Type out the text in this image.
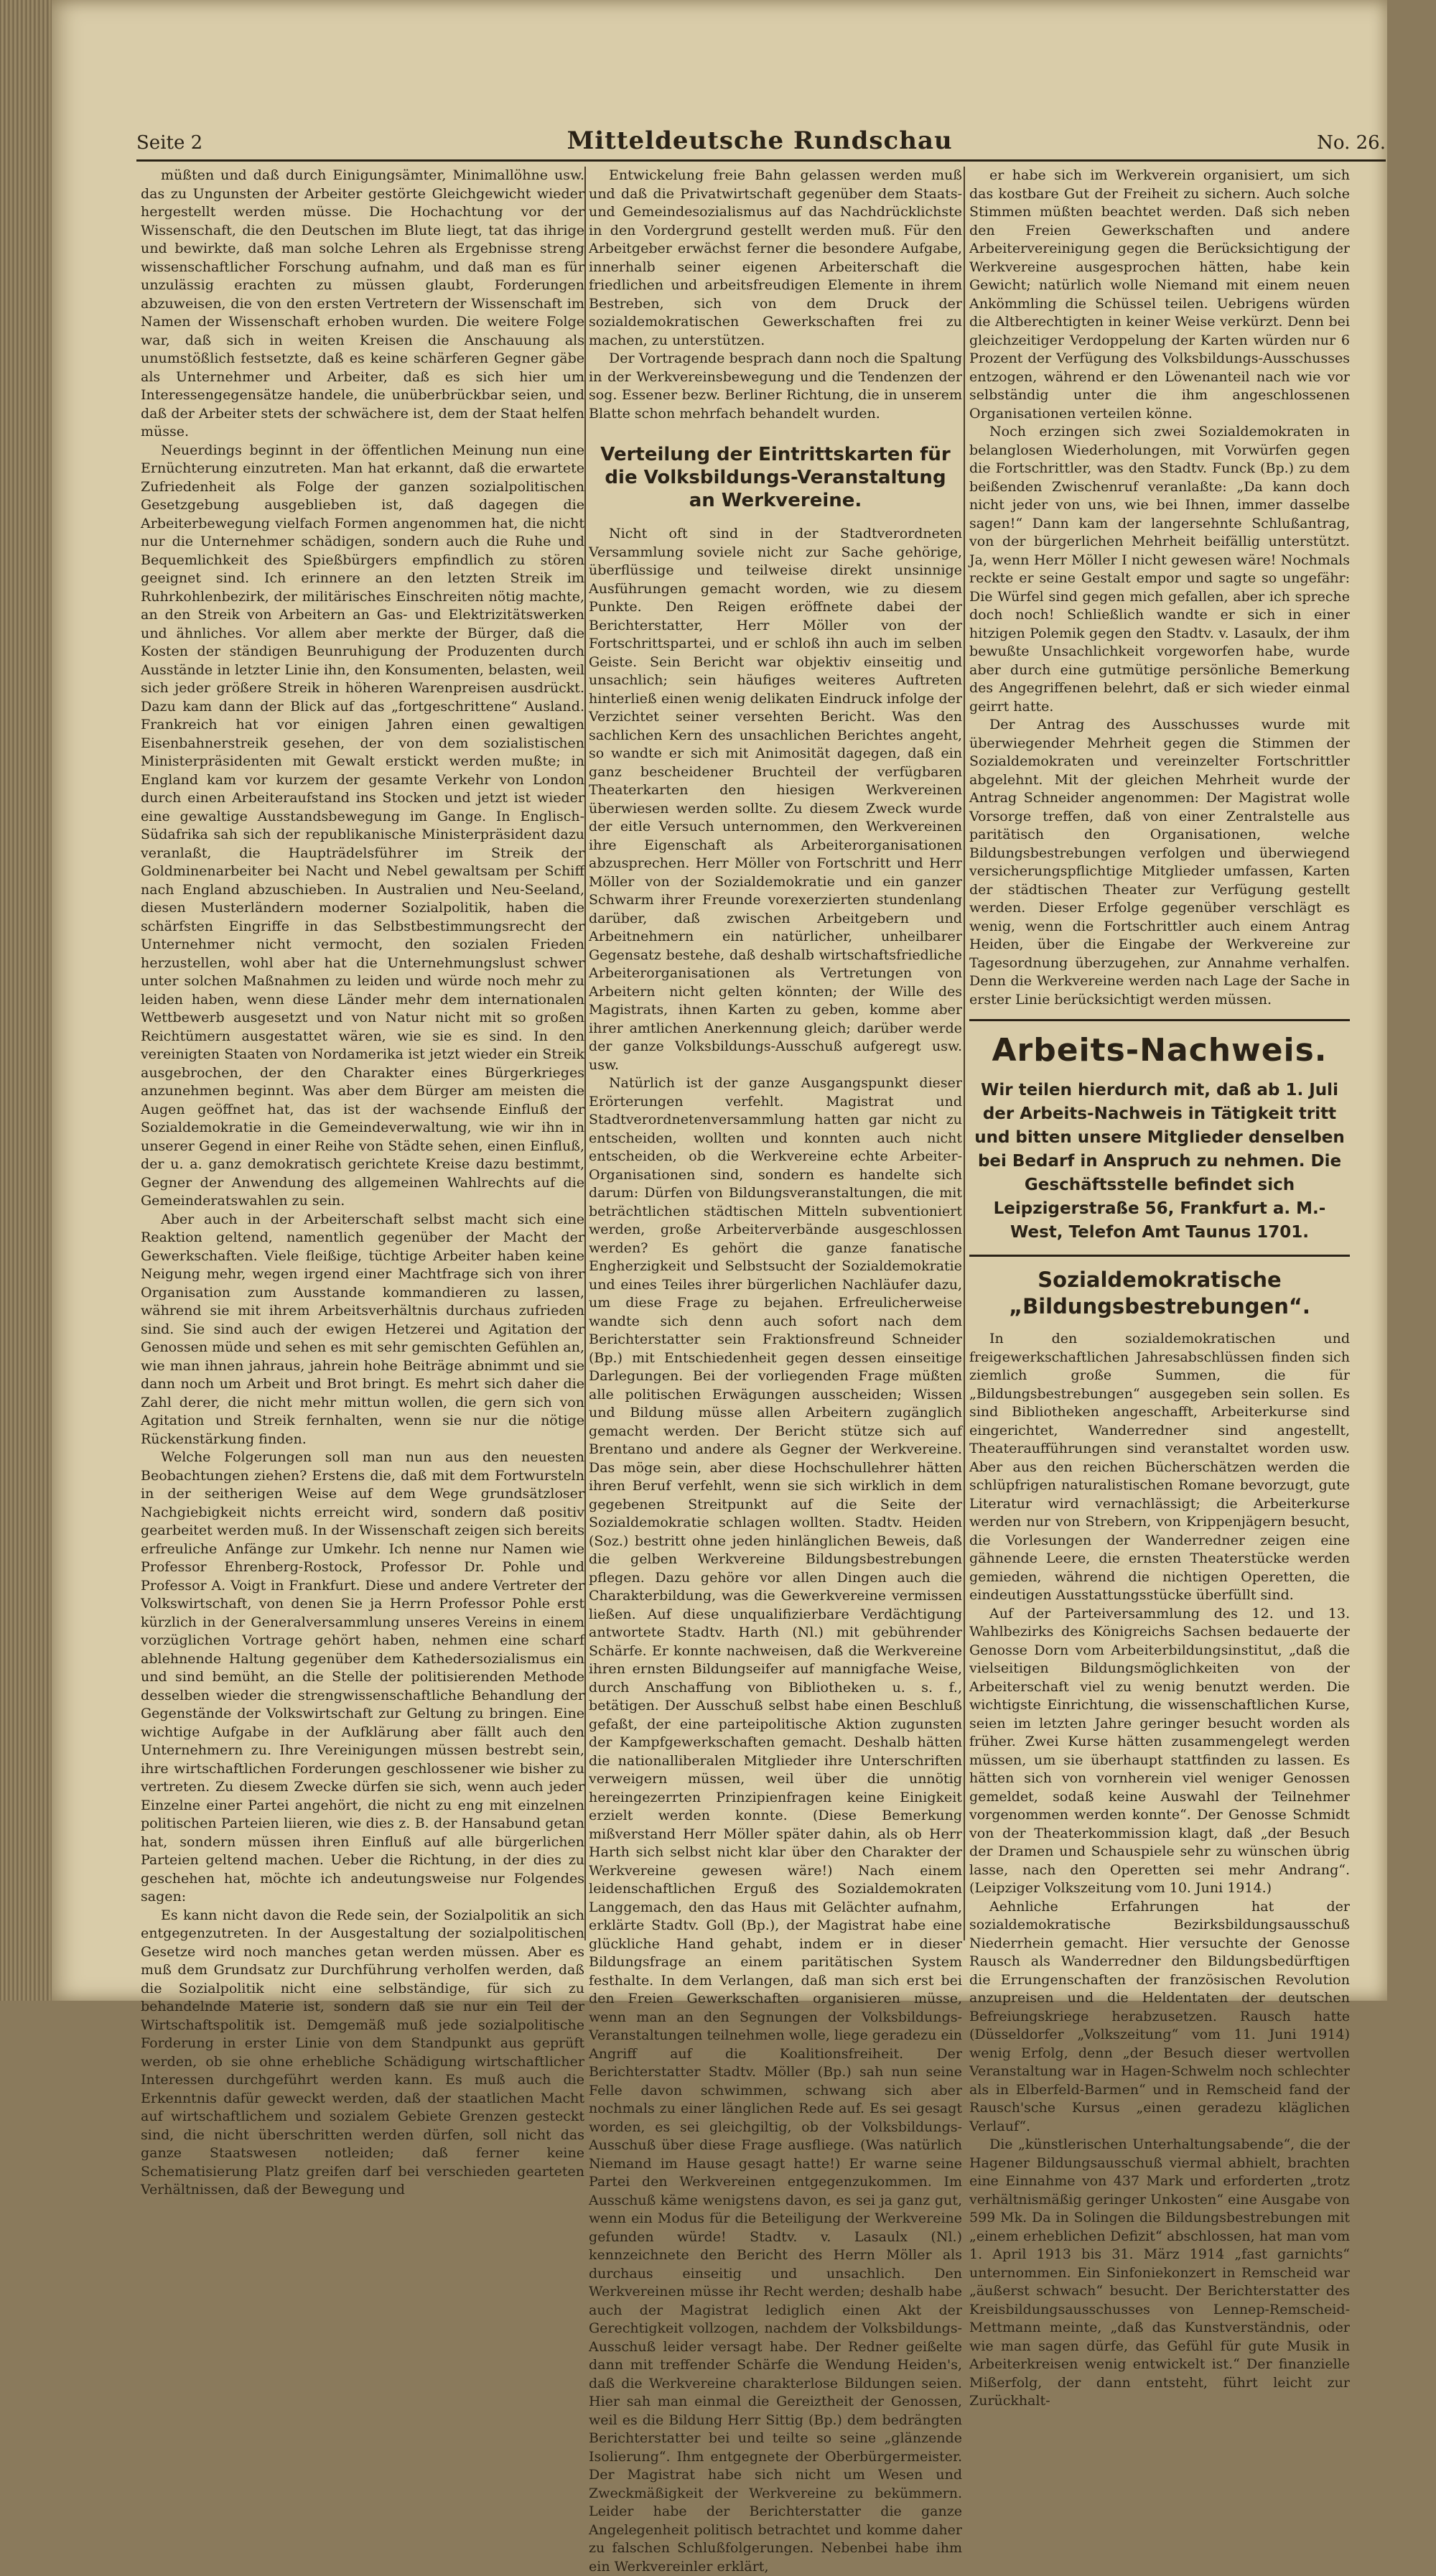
Seite 2	Mitteldeutsche Rundschau	No. 26.

müßten und daß durch Einigungsämter, Minimallöhne usw. das zu Ungunsten der Arbeiter gestörte Gleichgewicht wieder hergestellt werden müsse. Die Hochachtung vor der Wissenschaft, die den Deutschen im Blute liegt, tat das ihrige und bewirkte, daß man solche Lehren als Ergebnisse streng wissenschaftlicher Forschung aufnahm, und daß man es für unzulässig erachten zu müssen glaubt, Forderungen abzuweisen, die von den ersten Vertretern der Wissenschaft im Namen der Wissenschaft erhoben wurden. Die weitere Folge war, daß sich in weiten Kreisen die Anschauung als unumstößlich festsetzte, daß es keine schärferen Gegner gäbe als Unternehmer und Arbeiter, daß es sich hier um Interessengegensätze handele, die unüberbrückbar seien, und daß der Arbeiter stets der schwächere ist, dem der Staat helfen müsse.

Neuerdings beginnt in der öffentlichen Meinung nun eine Ernüchterung einzutreten. Man hat erkannt, daß die erwartete Zufriedenheit als Folge der ganzen sozialpolitischen Gesetzgebung ausgeblieben ist, daß dagegen die Arbeiterbewegung vielfach Formen angenommen hat, die nicht nur die Unternehmer schädigen, sondern auch die Ruhe und Bequemlichkeit des Spießbürgers empfindlich zu stören geeignet sind. Ich erinnere an den letzten Streik im Ruhrkohlenbezirk, der militärisches Einschreiten nötig machte, an den Streik von Arbeitern an Gas- und Elektrizitätswerken und ähnliches. Vor allem aber merkte der Bürger, daß die Kosten der ständigen Beunruhigung der Produzenten durch Ausstände in letzter Linie ihn, den Konsumenten, belasten, weil sich jeder größere Streik in höheren Warenpreisen ausdrückt. Dazu kam dann der Blick auf das „fortgeschrittene“ Ausland. Frankreich hat vor einigen Jahren einen gewaltigen Eisenbahnerstreik gesehen, der von dem sozialistischen Ministerpräsidenten mit Gewalt erstickt werden mußte; in England kam vor kurzem der gesamte Verkehr von London durch einen Arbeiteraufstand ins Stocken und jetzt ist wieder eine gewaltige Ausstandsbewegung im Gange. In Englisch-Südafrika sah sich der republikanische Ministerpräsident dazu veranlaßt, die Haupträdelsführer im Streik der Goldminenarbeiter bei Nacht und Nebel gewaltsam per Schiff nach England abzuschieben. In Australien und Neu-Seeland, diesen Musterländern moderner Sozialpolitik, haben die schärfsten Eingriffe in das Selbstbestimmungsrecht der Unternehmer nicht vermocht, den sozialen Frieden herzustellen, wohl aber hat die Unternehmungslust schwer unter solchen Maßnahmen zu leiden und würde noch mehr zu leiden haben, wenn diese Länder mehr dem internationalen Wettbewerb ausgesetzt und von Natur nicht mit so großen Reichtümern ausgestattet wären, wie sie es sind. In den vereinigten Staaten von Nordamerika ist jetzt wieder ein Streik ausgebrochen, der den Charakter eines Bürgerkrieges anzunehmen beginnt. Was aber dem Bürger am meisten die Augen geöffnet hat, das ist der wachsende Einfluß der Sozialdemokratie in die Gemeindeverwaltung, wie wir ihn in unserer Gegend in einer Reihe von Städte sehen, einen Einfluß, der u. a. ganz demokratisch gerichtete Kreise dazu bestimmt, Gegner der Anwendung des allgemeinen Wahlrechts auf die Gemeinderatswahlen zu sein.

Aber auch in der Arbeiterschaft selbst macht sich eine Reaktion geltend, namentlich gegenüber der Macht der Gewerkschaften. Viele fleißige, tüchtige Arbeiter haben keine Neigung mehr, wegen irgend einer Machtfrage sich von ihrer Organisation zum Ausstande kommandieren zu lassen, während sie mit ihrem Arbeitsverhältnis durchaus zufrieden sind. Sie sind auch der ewigen Hetzerei und Agitation der Genossen müde und sehen es mit sehr gemischten Gefühlen an, wie man ihnen jahraus, jahrein hohe Beiträge abnimmt und sie dann noch um Arbeit und Brot bringt. Es mehrt sich daher die Zahl derer, die nicht mehr mittun wollen, die gern sich von Agitation und Streik fernhalten, wenn sie nur die nötige Rückenstärkung finden.

Welche Folgerungen soll man nun aus den neuesten Beobachtungen ziehen? Erstens die, daß mit dem Fortwursteln in der seitherigen Weise auf dem Wege grundsätzloser Nachgiebigkeit nichts erreicht wird, sondern daß positiv gearbeitet werden muß. In der Wissenschaft zeigen sich bereits erfreuliche Anfänge zur Umkehr. Ich nenne nur Namen wie Professor Ehrenberg-Rostock, Professor Dr. Pohle und Professor A. Voigt in Frankfurt. Diese und andere Vertreter der Volkswirtschaft, von denen Sie ja Herrn Professor Pohle erst kürzlich in der Generalversammlung unseres Vereins in einem vorzüglichen Vortrage gehört haben, nehmen eine scharf ablehnende Haltung gegenüber dem Kathedersozialismus ein und sind bemüht, an die Stelle der politisierenden Methode desselben wieder die strengwissenschaftliche Behandlung der Gegenstände der Volkswirtschaft zur Geltung zu bringen. Eine wichtige Aufgabe in der Aufklärung aber fällt auch den Unternehmern zu. Ihre Vereinigungen müssen bestrebt sein, ihre wirtschaftlichen Forderungen geschlossener wie bisher zu vertreten. Zu diesem Zwecke dürfen sie sich, wenn auch jeder Einzelne einer Partei angehört, die nicht zu eng mit einzelnen politischen Parteien liieren, wie dies z. B. der Hansabund getan hat, sondern müssen ihren Einfluß auf alle bürgerlichen Parteien geltend machen. Ueber die Richtung, in der dies zu geschehen hat, möchte ich andeutungsweise nur Folgendes sagen:

Es kann nicht davon die Rede sein, der Sozialpolitik an sich entgegenzutreten. In der Ausgestaltung der sozialpolitischen Gesetze wird noch manches getan werden müssen. Aber es muß dem Grundsatz zur Durchführung verholfen werden, daß die Sozialpolitik nicht eine selbständige, für sich zu behandelnde Materie ist, sondern daß sie nur ein Teil der Wirtschaftspolitik ist. Demgemäß muß jede sozialpolitische Forderung in erster Linie von dem Standpunkt aus geprüft werden, ob sie ohne erhebliche Schädigung wirtschaftlicher Interessen durchgeführt werden kann. Es muß auch die Erkenntnis dafür geweckt werden, daß der staatlichen Macht auf wirtschaftlichem und sozialem Gebiete Grenzen gesteckt sind, die nicht überschritten werden dürfen, soll nicht das ganze Staatswesen notleiden; daß ferner keine Schematisierung Platz greifen darf bei verschieden gearteten Verhältnissen, daß der Bewegung und

Entwickelung freie Bahn gelassen werden muß und daß die Privatwirtschaft gegenüber dem Staats- und Gemeindesozialismus auf das Nachdrücklichste in den Vordergrund gestellt werden muß. Für den Arbeitgeber erwächst ferner die besondere Aufgabe, innerhalb seiner eigenen Arbeiterschaft die friedlichen und arbeitsfreudigen Elemente in ihrem Bestreben, sich von dem Druck der sozialdemokratischen Gewerkschaften frei zu machen, zu unterstützen.

Der Vortragende besprach dann noch die Spaltung in der Werkvereinsbewegung und die Tendenzen der sog. Essener bezw. Berliner Richtung, die in unserem Blatte schon mehrfach behandelt wurden.

Verteilung der Eintrittskarten für die Volksbildungs-Veranstaltung an Werkvereine.

Nicht oft sind in der Stadtverordneten Versammlung soviele nicht zur Sache gehörige, überflüssige und teilweise direkt unsinnige Ausführungen gemacht worden, wie zu diesem Punkte. Den Reigen eröffnete dabei der Berichterstatter, Herr Möller von der Fortschrittspartei, und er schloß ihn auch im selben Geiste. Sein Bericht war objektiv einseitig und unsachlich; sein häufiges weiteres Auftreten hinterließ einen wenig delikaten Eindruck infolge der Verzichtet seiner versehten Bericht. Was den sachlichen Kern des unsachlichen Berichtes angeht, so wandte er sich mit Animosität dagegen, daß ein ganz bescheidener Bruchteil der verfügbaren Theaterkarten den hiesigen Werkvereinen überwiesen werden sollte. Zu diesem Zweck wurde der eitle Versuch unternommen, den Werkvereinen ihre Eigenschaft als Arbeiterorganisationen abzusprechen. Herr Möller von Fortschritt und Herr Möller von der Sozialdemokratie und ein ganzer Schwarm ihrer Freunde vorexerzierten stundenlang darüber, daß zwischen Arbeitgebern und Arbeitnehmern ein natürlicher, unheilbarer Gegensatz bestehe, daß deshalb wirtschaftsfriedliche Arbeiterorganisationen als Vertretungen von Arbeitern nicht gelten könnten; der Wille des Magistrats, ihnen Karten zu geben, komme aber ihrer amtlichen Anerkennung gleich; darüber werde der ganze Volksbildungs-Ausschuß aufgeregt usw. usw.

Natürlich ist der ganze Ausgangspunkt dieser Erörterungen verfehlt. Magistrat und Stadtverordnetenversammlung hatten gar nicht zu entscheiden, wollten und konnten auch nicht entscheiden, ob die Werkvereine echte Arbeiter-Organisationen sind, sondern es handelte sich darum: Dürfen von Bildungsveranstaltungen, die mit beträchtlichen städtischen Mitteln subventioniert werden, große Arbeiterverbände ausgeschlossen werden? Es gehört die ganze fanatische Engherzigkeit und Selbstsucht der Sozialdemokratie und eines Teiles ihrer bürgerlichen Nachläufer dazu, um diese Frage zu bejahen. Erfreulicherweise wandte sich denn auch sofort nach dem Berichterstatter sein Fraktionsfreund Schneider (Bp.) mit Entschiedenheit gegen dessen einseitige Darlegungen. Bei der vorliegenden Frage müßten alle politischen Erwägungen ausscheiden; Wissen und Bildung müsse allen Arbeitern zugänglich gemacht werden. Der Bericht stütze sich auf Brentano und andere als Gegner der Werkvereine. Das möge sein, aber diese Hochschullehrer hätten ihren Beruf verfehlt, wenn sie sich wirklich in dem gegebenen Streitpunkt auf die Seite der Sozialdemokratie schlagen wollten. Stadtv. Heiden (Soz.) bestritt ohne jeden hinlänglichen Beweis, daß die gelben Werkvereine Bildungsbestrebungen pflegen. Dazu gehöre vor allen Dingen auch die Charakterbildung, was die Gewerkvereine vermissen ließen. Auf diese unqualifizierbare Verdächtigung antwortete Stadtv. Harth (Nl.) mit gebührender Schärfe. Er konnte nachweisen, daß die Werkvereine ihren ernsten Bildungseifer auf mannigfache Weise, durch Anschaffung von Bibliotheken u. s. f., betätigen. Der Ausschuß selbst habe einen Beschluß gefaßt, der eine parteipolitische Aktion zugunsten der Kampfgewerkschaften gemacht. Deshalb hätten die nationalliberalen Mitglieder ihre Unterschriften verweigern müssen, weil über die unnötig hereingezerrten Prinzipienfragen keine Einigkeit erzielt werden konnte. (Diese Bemerkung mißverstand Herr Möller später dahin, als ob Herr Harth sich selbst nicht klar über den Charakter der Werkvereine gewesen wäre!) Nach einem leidenschaftlichen Erguß des Sozialdemokraten Langgemach, den das Haus mit Gelächter aufnahm, erklärte Stadtv. Goll (Bp.), der Magistrat habe eine glückliche Hand gehabt, indem er in dieser Bildungsfrage an einem paritätischen System festhalte. In dem Verlangen, daß man sich erst bei den Freien Gewerkschaften organisieren müsse, wenn man an den Segnungen der Volksbildungs-Veranstaltungen teilnehmen wolle, liege geradezu ein Angriff auf die Koalitionsfreiheit. Der Berichterstatter Stadtv. Möller (Bp.) sah nun seine Felle davon schwimmen, schwang sich aber nochmals zu einer länglichen Rede auf. Es sei gesagt worden, es sei gleichgiltig, ob der Volksbildungs-Ausschuß über diese Frage ausfliege. (Was natürlich Niemand im Hause gesagt hatte!) Er warne seine Partei den Werkvereinen entgegenzukommen. Im Ausschuß käme wenigstens davon, es sei ja ganz gut, wenn ein Modus für die Beteiligung der Werkvereine gefunden würde! Stadtv. v. Lasaulx (Nl.) kennzeichnete den Bericht des Herrn Möller als durchaus einseitig und unsachlich. Den Werkvereinen müsse ihr Recht werden; deshalb habe auch der Magistrat lediglich einen Akt der Gerechtigkeit vollzogen, nachdem der Volksbildungs-Ausschuß leider versagt habe. Der Redner geißelte dann mit treffender Schärfe die Wendung Heiden's, daß die Werkvereine charakterlose Bildungen seien. Hier sah man einmal die Gereiztheit der Genossen, weil es die Bildung Herr Sittig (Bp.) dem bedrängten Berichterstatter bei und teilte so seine „glänzende Isolierung“. Ihm entgegnete der Oberbürgermeister. Der Magistrat habe sich nicht um Wesen und Zweckmäßigkeit der Werkvereine zu bekümmern. Leider habe der Berichterstatter die ganze Angelegenheit politisch betrachtet und komme daher zu falschen Schlußfolgerungen. Nebenbei habe ihm ein Werkvereinler erklärt,

er habe sich im Werkverein organisiert, um sich das kostbare Gut der Freiheit zu sichern. Auch solche Stimmen müßten beachtet werden. Daß sich neben den Freien Gewerkschaften und andere Arbeitervereinigung gegen die Berücksichtigung der Werkvereine ausgesprochen hätten, habe kein Gewicht; natürlich wolle Niemand mit einem neuen Ankömmling die Schüssel teilen. Uebrigens würden die Altberechtigten in keiner Weise verkürzt. Denn bei gleichzeitiger Verdoppelung der Karten würden nur 6 Prozent der Verfügung des Volksbildungs-Ausschusses entzogen, während er den Löwenanteil nach wie vor selbständig unter die ihm angeschlossenen Organisationen verteilen könne.

Noch erzingen sich zwei Sozialdemokraten in belanglosen Wiederholungen, mit Vorwürfen gegen die Fortschrittler, was den Stadtv. Funck (Bp.) zu dem beißenden Zwischenruf veranlaßte: „Da kann doch nicht jeder von uns, wie bei Ihnen, immer dasselbe sagen!“ Dann kam der langersehnte Schlußantrag, von der bürgerlichen Mehrheit beifällig unterstützt. Ja, wenn Herr Möller I nicht gewesen wäre! Nochmals reckte er seine Gestalt empor und sagte so ungefähr: Die Würfel sind gegen mich gefallen, aber ich spreche doch noch! Schließlich wandte er sich in einer hitzigen Polemik gegen den Stadtv. v. Lasaulx, der ihm bewußte Unsachlichkeit vorgeworfen habe, wurde aber durch eine gutmütige persönliche Bemerkung des Angegriffenen belehrt, daß er sich wieder einmal geirrt hatte.

Der Antrag des Ausschusses wurde mit überwiegender Mehrheit gegen die Stimmen der Sozialdemokraten und vereinzelter Fortschrittler abgelehnt. Mit der gleichen Mehrheit wurde der Antrag Schneider angenommen: Der Magistrat wolle Vorsorge treffen, daß von einer Zentralstelle aus paritätisch den Organisationen, welche Bildungsbestrebungen verfolgen und überwiegend versicherungspflichtige Mitglieder umfassen, Karten der städtischen Theater zur Verfügung gestellt werden. Dieser Erfolge gegenüber verschlägt es wenig, wenn die Fortschrittler auch einem Antrag Heiden, über die Eingabe der Werkvereine zur Tagesordnung überzugehen, zur Annahme verhalfen. Denn die Werkvereine werden nach Lage der Sache in erster Linie berücksichtigt werden müssen.

Arbeits-Nachweis.
Wir teilen hierdurch mit, daß ab 1. Juli der Arbeits-Nachweis in Tätigkeit tritt und bitten unsere Mitglieder denselben bei Bedarf in Anspruch zu nehmen. Die Geschäftsstelle befindet sich Leipzigerstraße 56, Frankfurt a. M.-West, Telefon Amt Taunus 1701.
Sozialdemokratische „Bildungsbestrebungen“.

In den sozialdemokratischen und freigewerkschaftlichen Jahresabschlüssen finden sich ziemlich große Summen, die für „Bildungsbestrebungen“ ausgegeben sein sollen. Es sind Bibliotheken angeschafft, Arbeiterkurse sind eingerichtet, Wanderredner sind angestellt, Theateraufführungen sind veranstaltet worden usw. Aber aus den reichen Bücherschätzen werden die schlüpfrigen naturalistischen Romane bevorzugt, gute Literatur wird vernachlässigt; die Arbeiterkurse werden nur von Strebern, von Krippenjägern besucht, die Vorlesungen der Wanderredner zeigen eine gähnende Leere, die ernsten Theaterstücke werden gemieden, während die nichtigen Operetten, die eindeutigen Ausstattungsstücke überfüllt sind.

Auf der Parteiversammlung des 12. und 13. Wahlbezirks des Königreichs Sachsen bedauerte der Genosse Dorn vom Arbeiterbildungsinstitut, „daß die vielseitigen Bildungsmöglichkeiten von der Arbeiterschaft viel zu wenig benutzt werden. Die wichtigste Einrichtung, die wissenschaftlichen Kurse, seien im letzten Jahre geringer besucht worden als früher. Zwei Kurse hätten zusammengelegt werden müssen, um sie überhaupt stattfinden zu lassen. Es hätten sich von vornherein viel weniger Genossen gemeldet, sodaß keine Auswahl der Teilnehmer vorgenommen werden konnte“. Der Genosse Schmidt von der Theaterkommission klagt, daß „der Besuch der Dramen und Schauspiele sehr zu wünschen übrig lasse, nach den Operetten sei mehr Andrang“. (Leipziger Volkszeitung vom 10. Juni 1914.)

Aehnliche Erfahrungen hat der sozialdemokratische Bezirksbildungsausschuß Niederrhein gemacht. Hier versuchte der Genosse Rausch als Wanderredner den Bildungsbedürftigen die Errungenschaften der französischen Revolution anzupreisen und die Heldentaten der deutschen Befreiungskriege herabzusetzen. Rausch hatte (Düsseldorfer „Volkszeitung“ vom 11. Juni 1914) wenig Erfolg, denn „der Besuch dieser wertvollen Veranstaltung war in Hagen-Schwelm noch schlechter als in Elberfeld-Barmen“ und in Remscheid fand der Rausch'sche Kursus „einen geradezu kläglichen Verlauf“.

Die „künstlerischen Unterhaltungsabende“, die der Hagener Bildungsausschuß viermal abhielt, brachten eine Einnahme von 437 Mark und erforderten „trotz verhältnismäßig geringer Unkosten“ eine Ausgabe von 599 Mk. Da in Solingen die Bildungsbestrebungen mit „einem erheblichen Defizit“ abschlossen, hat man vom 1. April 1913 bis 31. März 1914 „fast garnichts“ unternommen. Ein Sinfoniekonzert in Remscheid war „äußerst schwach“ besucht. Der Berichterstatter des Kreisbildungsausschusses von Lennep-Remscheid-Mettmann meinte, „daß das Kunstverständnis, oder wie man sagen dürfe, das Gefühl für gute Musik in Arbeiterkreisen wenig entwickelt ist.“ Der finanzielle Mißerfolg, der dann entsteht, führt leicht zur Zurückhalt-
